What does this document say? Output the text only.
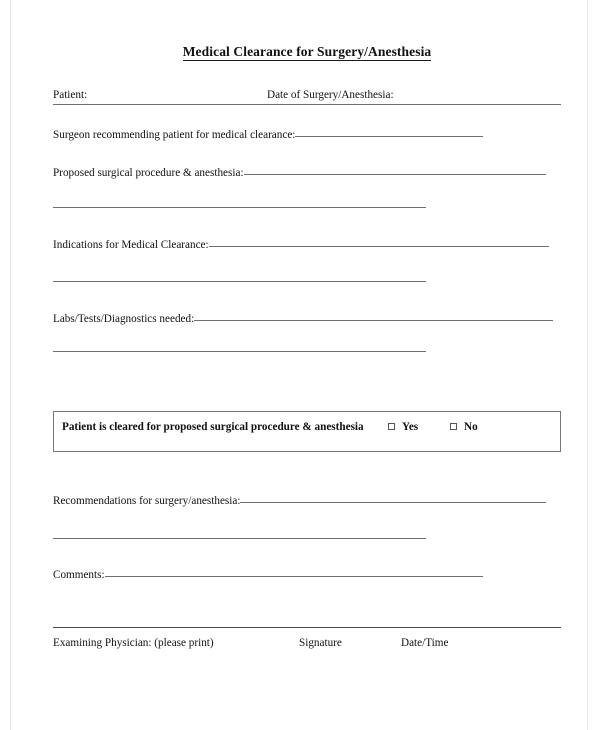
Medical Clearance for Surgery/Anesthesia
Patient:	Date of Surgery/Anesthesia:
Surgeon recommending patient for medical clearance:
Proposed surgical procedure & anesthesia:
Indications for Medical Clearance:
Labs/Tests/Diagnostics needed:
Patient is cleared for proposed surgical procedure & anesthesia	Yes	No
Recommendations for surgery/anesthesia:
Comments:
Examining Physician: (please print)	Signature	Date/Time
